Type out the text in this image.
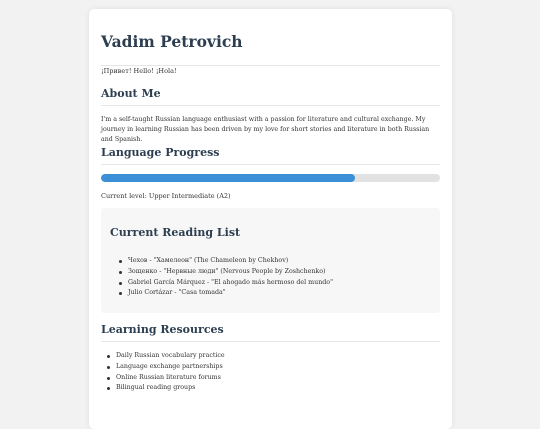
Vadim Petrovich
¡Привет! Hello! ¡Hola!
About Me
I'm a self-taught Russian language enthusiast with a passion for literature and cultural exchange. My journey in learning Russian has been driven by my love for short stories and literature in both Russian and Spanish.
Language Progress
Current level: Upper Intermediate (A2)
Current Reading List
Чехов - "Хамелеон" (The Chameleon by Chekhov)
Зощенко - "Нервные люди" (Nervous People by Zoshchenko)
Gabriel García Márquez - "El ahogado más hermoso del mundo"
Julio Cortázar - "Casa tomada"
Learning Resources
Daily Russian vocabulary practice
Language exchange partnerships
Online Russian literature forums
Bilingual reading groups
